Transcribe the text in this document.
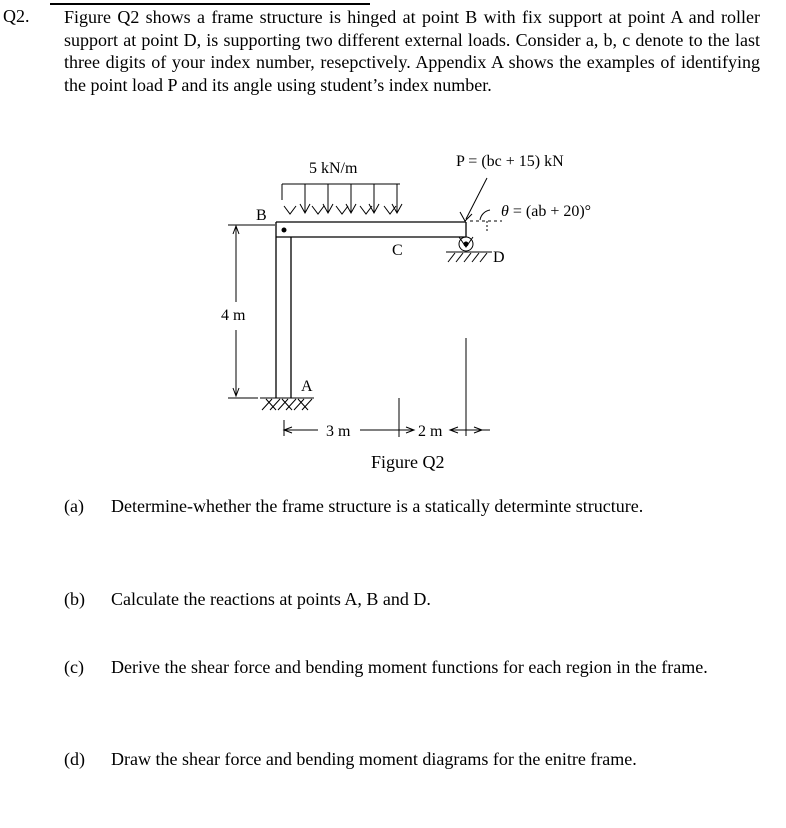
Q2. Figure Q2 shows a frame structure is hinged at point B with fix support at point A and roller support at point D, is supporting two different external loads. Consider a, b, c denote to the last three digits of your index number, resepctively. Appendix A shows the examples of identifying the point load P and its angle using student’s index number.
5 kN/m	P = (bc + 15) kN
θ = (ab + 20)°
B
C	D
A
4 m
3 m	2 m
Figure Q2
(a) Determine-whether the frame structure is a statically determinte structure.
(b) Calculate the reactions at points A, B and D.
(c) Derive the shear force and bending moment functions for each region in the frame.
(d) Draw the shear force and bending moment diagrams for the enitre frame.
